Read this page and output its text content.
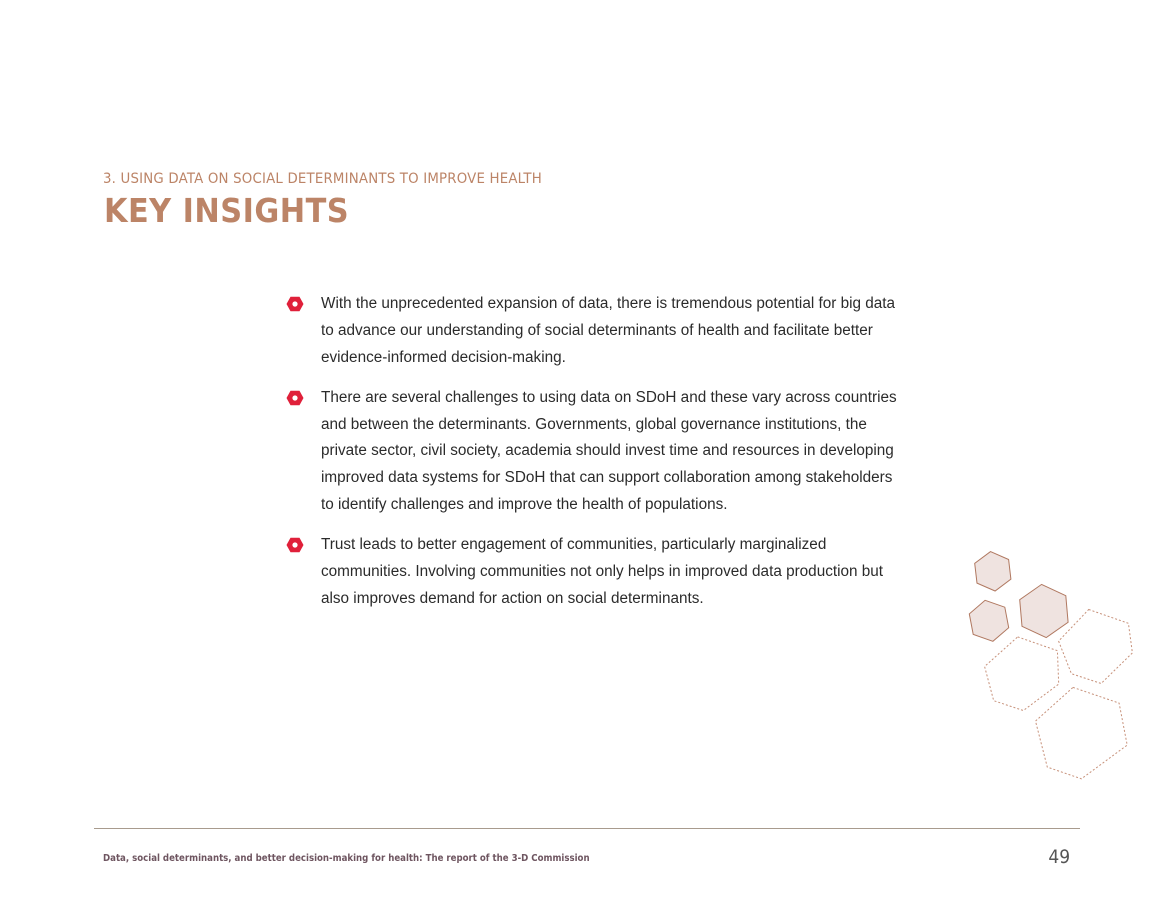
3. USING DATA ON SOCIAL DETERMINANTS TO IMPROVE HEALTH
KEY INSIGHTS
With the unprecedented expansion of data, there is tremendous potential for big data to advance our understanding of social determinants of health and facilitate better evidence-informed decision-making.
There are several challenges to using data on SDoH and these vary across countries and between the determinants. Governments, global governance institutions, the private sector, civil society, academia should invest time and resources in developing improved data systems for SDoH that can support collaboration among stakeholders to identify challenges and improve the health of populations.
Trust leads to better engagement of communities, particularly marginalized communities. Involving communities not only helps in improved data production but also improves demand for action on social determinants.
Data, social determinants, and better decision-making for health: The report of the 3-D Commission	49
